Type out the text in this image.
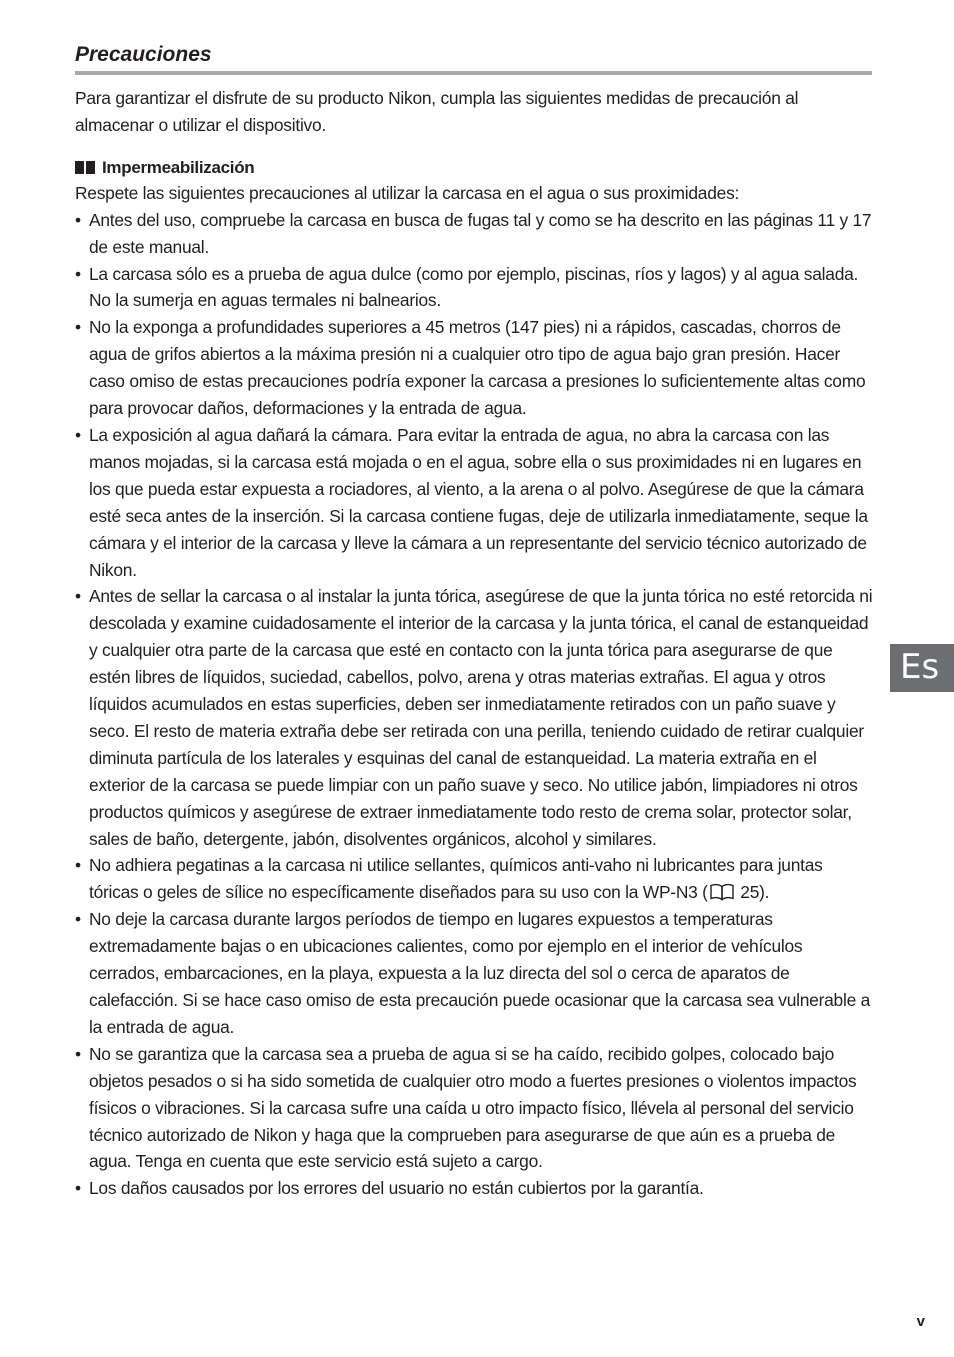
Precauciones

Para garantizar el disfrute de su producto Nikon, cumpla las siguientes medidas de precaución al almacenar o utilizar el dispositivo.

Impermeabilización

Respete las siguientes precauciones al utilizar la carcasa en el agua o sus proximidades:

• Antes del uso, compruebe la carcasa en busca de fugas tal y como se ha descrito en las páginas 11 y 17 de este manual.
• La carcasa sólo es a prueba de agua dulce (como por ejemplo, piscinas, ríos y lagos) y al agua salada. No la sumerja en aguas termales ni balnearios.
• No la exponga a profundidades superiores a 45 metros (147 pies) ni a rápidos, cascadas, chorros de agua de grifos abiertos a la máxima presión ni a cualquier otro tipo de agua bajo gran presión. Hacer caso omiso de estas precauciones podría exponer la carcasa a presiones lo suficientemente altas como para provocar daños, deformaciones y la entrada de agua.
• La exposición al agua dañará la cámara. Para evitar la entrada de agua, no abra la carcasa con las manos mojadas, si la carcasa está mojada o en el agua, sobre ella o sus proximidades ni en lugares en los que pueda estar expuesta a rociadores, al viento, a la arena o al polvo. Asegúrese de que la cámara esté seca antes de la inserción. Si la carcasa contiene fugas, deje de utilizarla inmediatamente, seque la cámara y el interior de la carcasa y lleve la cámara a un representante del servicio técnico autorizado de Nikon.
• Antes de sellar la carcasa o al instalar la junta tórica, asegúrese de que la junta tórica no esté retorcida ni descolada y examine cuidadosamente el interior de la carcasa y la junta tórica, el canal de estanqueidad y cualquier otra parte de la carcasa que esté en contacto con la junta tórica para asegurarse de que estén libres de líquidos, suciedad, cabellos, polvo, arena y otras materias extrañas. El agua y otros líquidos acumulados en estas superficies, deben ser inmediatamente retirados con un paño suave y seco. El resto de materia extraña debe ser retirada con una perilla, teniendo cuidado de retirar cualquier diminuta partícula de los laterales y esquinas del canal de estanqueidad. La materia extraña en el exterior de la carcasa se puede limpiar con un paño suave y seco. No utilice jabón, limpiadores ni otros productos químicos y asegúrese de extraer inmediatamente todo resto de crema solar, protector solar, sales de baño, detergente, jabón, disolventes orgánicos, alcohol y similares.
• No adhiera pegatinas a la carcasa ni utilice sellantes, químicos anti-vaho ni lubricantes para juntas tóricas o geles de sílice no específicamente diseñados para su uso con la WP-N3 ( 25).
• No deje la carcasa durante largos períodos de tiempo en lugares expuestos a temperaturas extremadamente bajas o en ubicaciones calientes, como por ejemplo en el interior de vehículos cerrados, embarcaciones, en la playa, expuesta a la luz directa del sol o cerca de aparatos de calefacción. Si se hace caso omiso de esta precaución puede ocasionar que la carcasa sea vulnerable a la entrada de agua.
• No se garantiza que la carcasa sea a prueba de agua si se ha caído, recibido golpes, colocado bajo objetos pesados o si ha sido sometida de cualquier otro modo a fuertes presiones o violentos impactos físicos o vibraciones. Si la carcasa sufre una caída u otro impacto físico, llévela al personal del servicio técnico autorizado de Nikon y haga que la comprueben para asegurarse de que aún es a prueba de agua. Tenga en cuenta que este servicio está sujeto a cargo.
• Los daños causados por los errores del usuario no están cubiertos por la garantía.
Es
v
